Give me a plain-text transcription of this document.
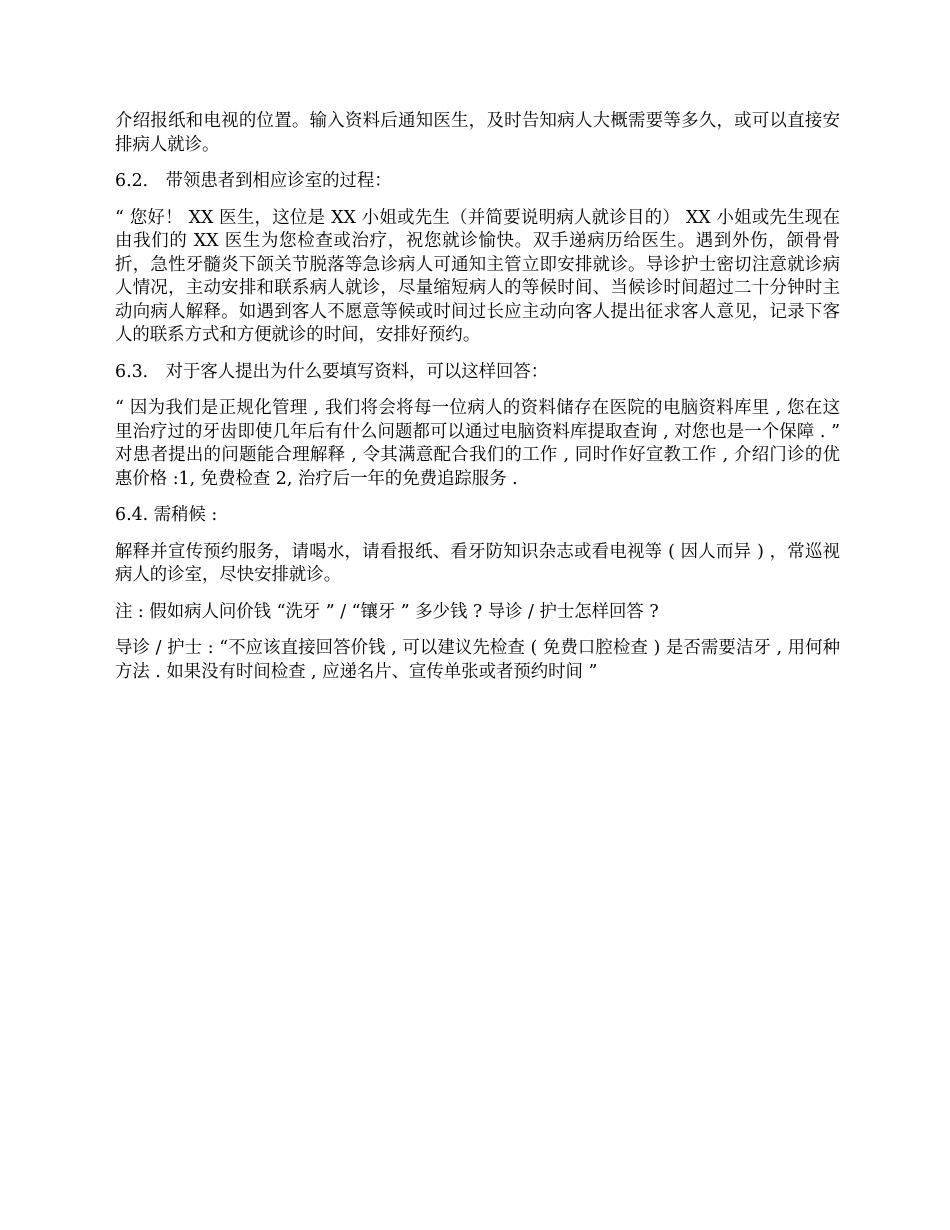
介绍报纸和电视的位置。输入资料后通知医生，及时告知病人大概需要等多久，或可以直接安排病人就诊。

6.2． 带领患者到相应诊室的过程：

“ 您好！ XX 医生，这位是 XX 小姐或先生（并简要说明病人就诊目的） XX 小姐或先生现在由我们的 XX 医生为您检查或治疗，祝您就诊愉快。双手递病历给医生。遇到外伤，颌骨骨折，急性牙髓炎下颌关节脱落等急诊病人可通知主管立即安排就诊。导诊护士密切注意就诊病人情况，主动安排和联系病人就诊，尽量缩短病人的等候时间、当候诊时间超过二十分钟时主动向病人解释。如遇到客人不愿意等候或时间过长应主动向客人提出征求客人意见，记录下客人的联系方式和方便就诊的时间，安排好预约。

6.3． 对于客人提出为什么要填写资料，可以这样回答：

“ 因为我们是正规化管理 , 我们将会将每一位病人的资料储存在医院的电脑资料库里 , 您在这里治疗过的牙齿即使几年后有什么问题都可以通过电脑资料库提取查询 , 对您也是一个保障 . ” 对患者提出的问题能合理解释 , 令其满意配合我们的工作 , 同时作好宣教工作 , 介绍门诊的优惠价格 :1, 免费检查 2, 治疗后一年的免费追踪服务 .

6.4. 需稍候 :

解释并宣传预约服务，请喝水，请看报纸、看牙防知识杂志或看电视等 ( 因人而异 ) ，常巡视病人的诊室，尽快安排就诊。

注 : 假如病人问价钱 “洗牙 ” / “镶牙 ” 多少钱 ? 导诊 / 护士怎样回答 ?

导诊 / 护士 : “不应该直接回答价钱 , 可以建议先检查 ( 免费口腔检查 ) 是否需要洁牙 , 用何种方法 . 如果没有时间检查 , 应递名片、宣传单张或者预约时间 ”
